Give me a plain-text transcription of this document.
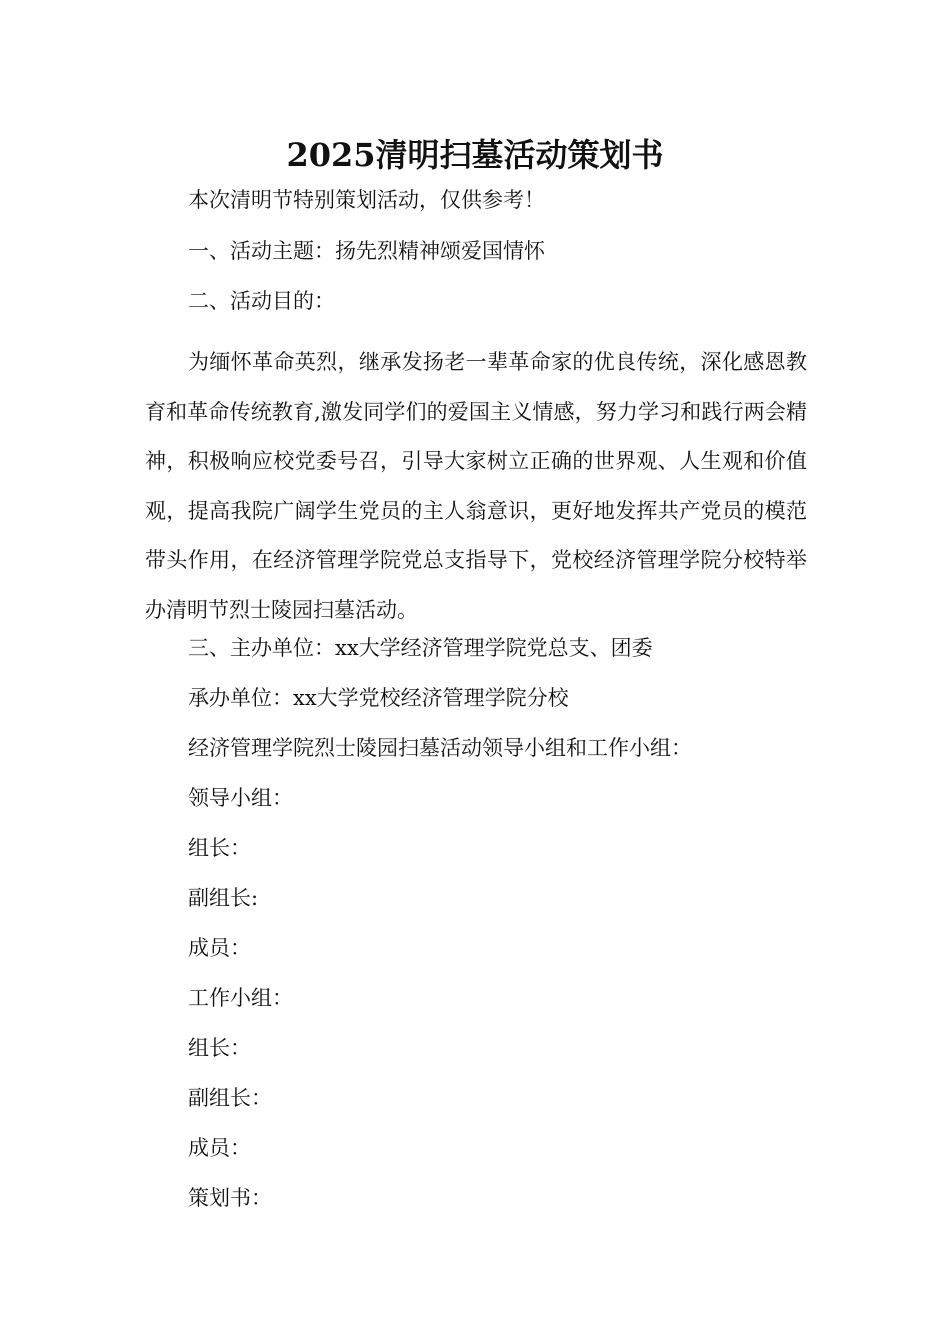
2025清明扫墓活动策划书
本次清明节特别策划活动，仅供参考！
一、活动主题：扬先烈精神颂爱国情怀
二、活动目的：

为缅怀革命英烈，继承发扬老一辈革命家的优良传统，深化感恩教育和革命传统教育,激发同学们的爱国主义情感，努力学习和践行两会精神，积极响应校党委号召，引导大家树立正确的世界观、人生观和价值观，提高我院广阔学生党员的主人翁意识，更好地发挥共产党员的模范带头作用，在经济管理学院党总支指导下，党校经济管理学院分校特举办清明节烈士陵园扫墓活动。

三、主办单位：xx大学经济管理学院党总支、团委
承办单位：xx大学党校经济管理学院分校
经济管理学院烈士陵园扫墓活动领导小组和工作小组：
领导小组：
组长：
副组长:
成员：
工作小组：
组长：
副组长：
成员：
策划书：
